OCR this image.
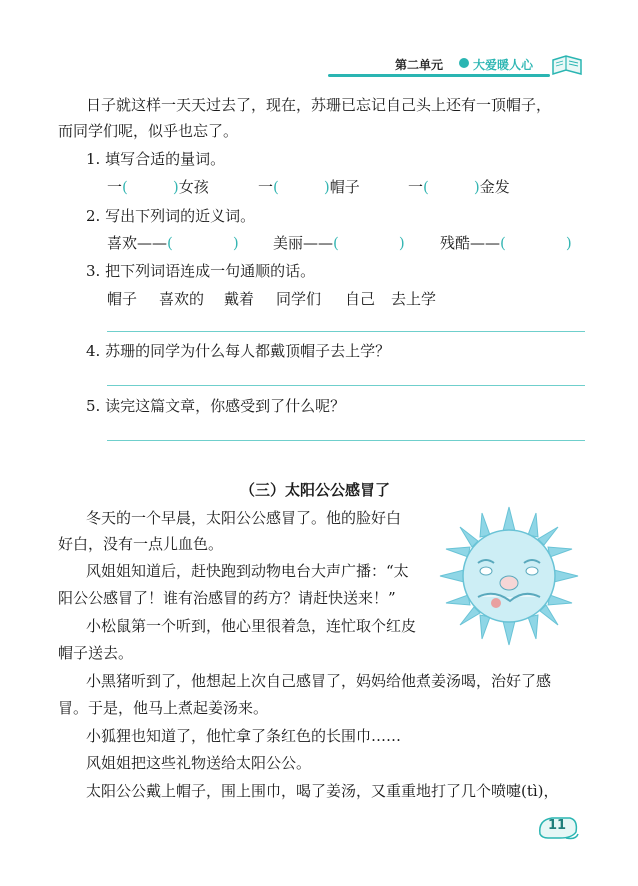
第二单元 大爱暖人心
日子就这样一天天过去了，现在，苏珊已忘记自己头上还有一顶帽子，
而同学们呢，似乎也忘了。
1. 填写合适的量词。
一(　　　)女孩	一(　　　)帽子	一(　　　)金发
2. 写出下列词的近义词。
喜欢——(　　　　) 美丽——(　　　　) 残酷——(　　　　)
3. 把下列词语连成一句通顺的话。
帽子 喜欢的 戴着 同学们 自己 去上学
4. 苏珊的同学为什么每人都戴顶帽子去上学？
5. 读完这篇文章，你感受到了什么呢？
（三）太阳公公感冒了
冬天的一个早晨，太阳公公感冒了。他的脸好白
好白，没有一点儿血色。
风姐姐知道后，赶快跑到动物电台大声广播：“太
阳公公感冒了！谁有治感冒的药方？请赶快送来！”
小松鼠第一个听到，他心里很着急，连忙取个红皮
帽子送去。
小黑猪听到了，他想起上次自己感冒了，妈妈给他煮姜汤喝，治好了感
冒。于是，他马上煮起姜汤来。
小狐狸也知道了，他忙拿了条红色的长围巾……
风姐姐把这些礼物送给太阳公公。
太阳公公戴上帽子，围上围巾，喝了姜汤，又重重地打了几个喷嚏(tì)，
11
